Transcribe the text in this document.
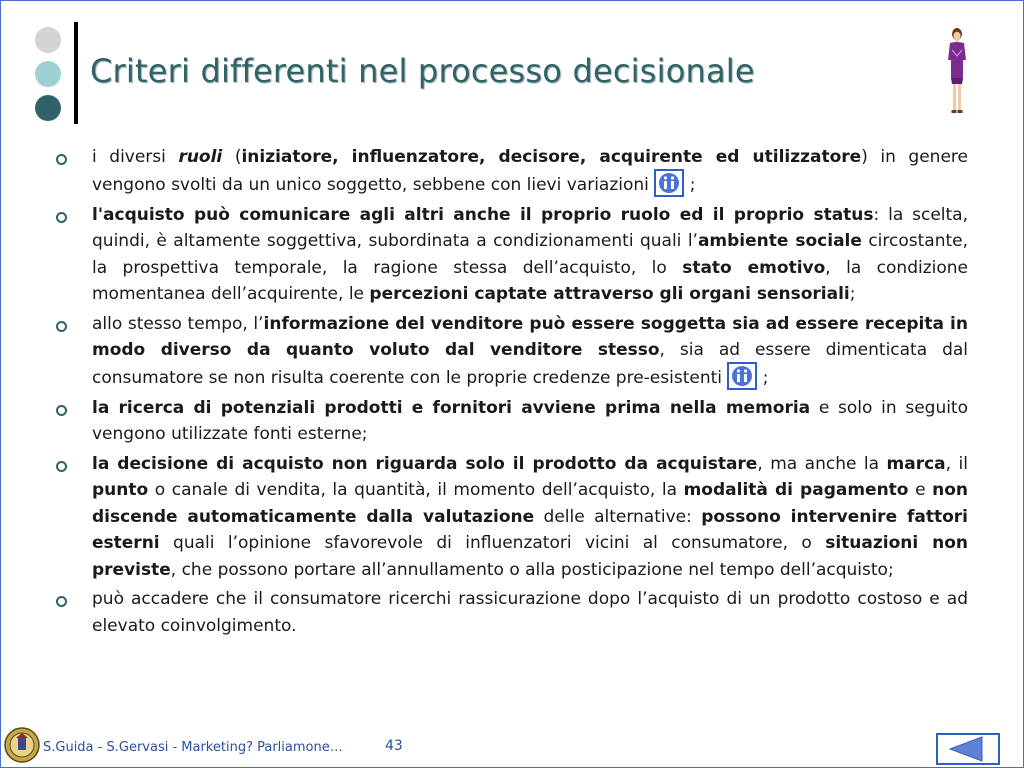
Criteri differenti nel processo decisionale
i diversi ruoli (iniziatore, influenzatore, decisore, acquirente ed utilizzatore) in genere vengono svolti da un unico soggetto, sebbene con lievi variazioni  ;
l'acquisto può comunicare agli altri anche il proprio ruolo ed il proprio status: la scelta, quindi, è altamente soggettiva, subordinata a condizionamenti quali l’ambiente sociale circostante, la prospettiva temporale, la ragione stessa dell’acquisto, lo stato emotivo, la condizione momentanea dell’acquirente, le percezioni captate attraverso gli organi sensoriali;
allo stesso tempo, l’informazione del venditore può essere soggetta sia ad essere recepita in modo diverso da quanto voluto dal venditore stesso, sia ad essere dimenticata dal consumatore se non risulta coerente con le proprie credenze pre-esistenti  ;
la ricerca di potenziali prodotti e fornitori avviene prima nella memoria e solo in seguito vengono utilizzate fonti esterne;
la decisione di acquisto non riguarda solo il prodotto da acquistare, ma anche la marca, il punto o canale di vendita, la quantità, il momento dell’acquisto, la modalità di pagamento e non discende automaticamente dalla valutazione delle alternative: possono intervenire fattori esterni quali l’opinione sfavorevole di influenzatori vicini al consumatore, o situazioni non previste, che possono portare all’annullamento o alla posticipazione nel tempo dell’acquisto;
può accadere che il consumatore ricerchi rassicurazione dopo l’acquisto di un prodotto costoso e ad elevato coinvolgimento.
S.Guida - S.Gervasi - Marketing? Parliamone…	43
